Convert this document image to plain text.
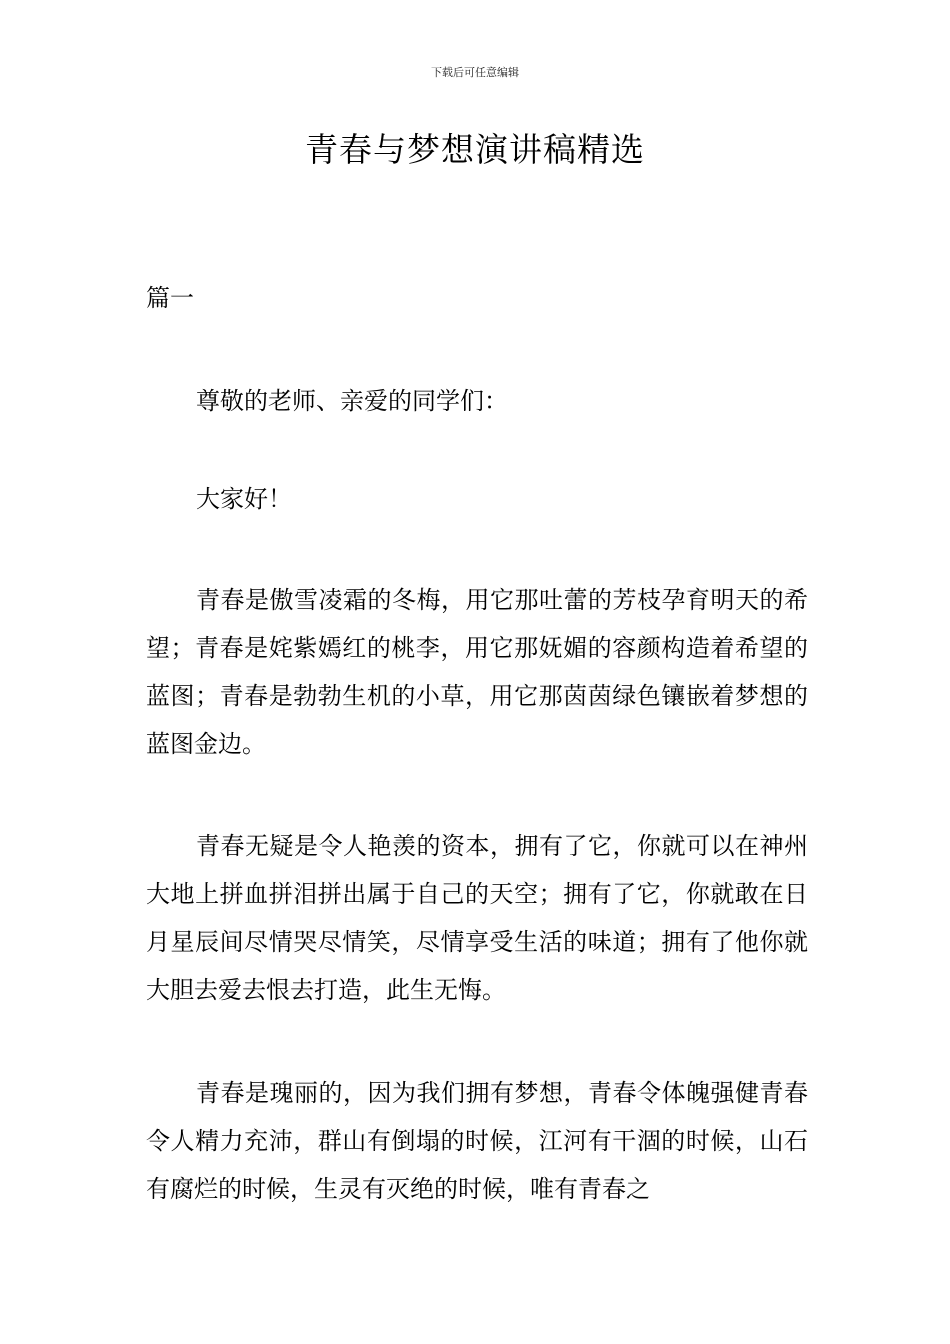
下载后可任意编辑
青春与梦想演讲稿精选

篇一

尊敬的老师、亲爱的同学们：

大家好！

青春是傲雪凌霜的冬梅，用它那吐蕾的芳枝孕育明天的希望；青春是姹紫嫣红的桃李，用它那妩媚的容颜构造着希望的蓝图；青春是勃勃生机的小草，用它那茵茵绿色镶嵌着梦想的蓝图金边。

青春无疑是令人艳羡的资本，拥有了它，你就可以在神州大地上拼血拼泪拼出属于自己的天空；拥有了它，你就敢在日月星辰间尽情哭尽情笑，尽情享受生活的味道；拥有了他你就大胆去爱去恨去打造，此生无悔。

青春是瑰丽的，因为我们拥有梦想，青春令体魄强健青春令人精力充沛，群山有倒塌的时候，江河有干涸的时候，山石有腐烂的时候，生灵有灭绝的时候，唯有青春之
